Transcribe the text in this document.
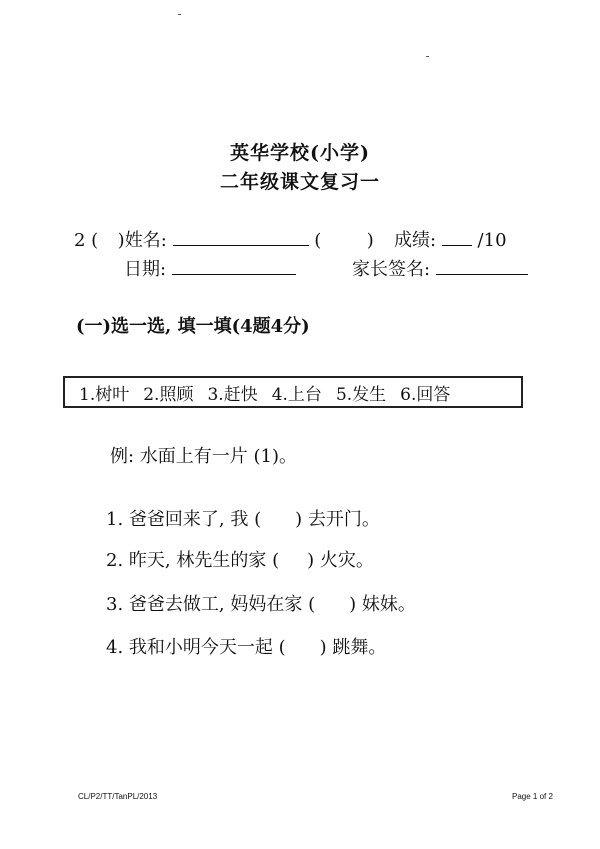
英华学校(小学)
二年级课文复习一
2 ( )姓名:	(	) 成绩: /10
日期:	家长签名:
(一)选一选, 填一填(4题4分)
1.树叶 2.照顾 3.赶快 4.上台 5.发生 6.回答
例: 水面上有一片 (1)。
1. 爸爸回来了, 我 ( ) 去开门。
2. 昨天, 林先生的家 ( ) 火灾。
3. 爸爸去做工, 妈妈在家 ( ) 妹妹。
4. 我和小明今天一起 ( ) 跳舞。
CL/P2/TT/TanPL/2013	Page 1 of 2
